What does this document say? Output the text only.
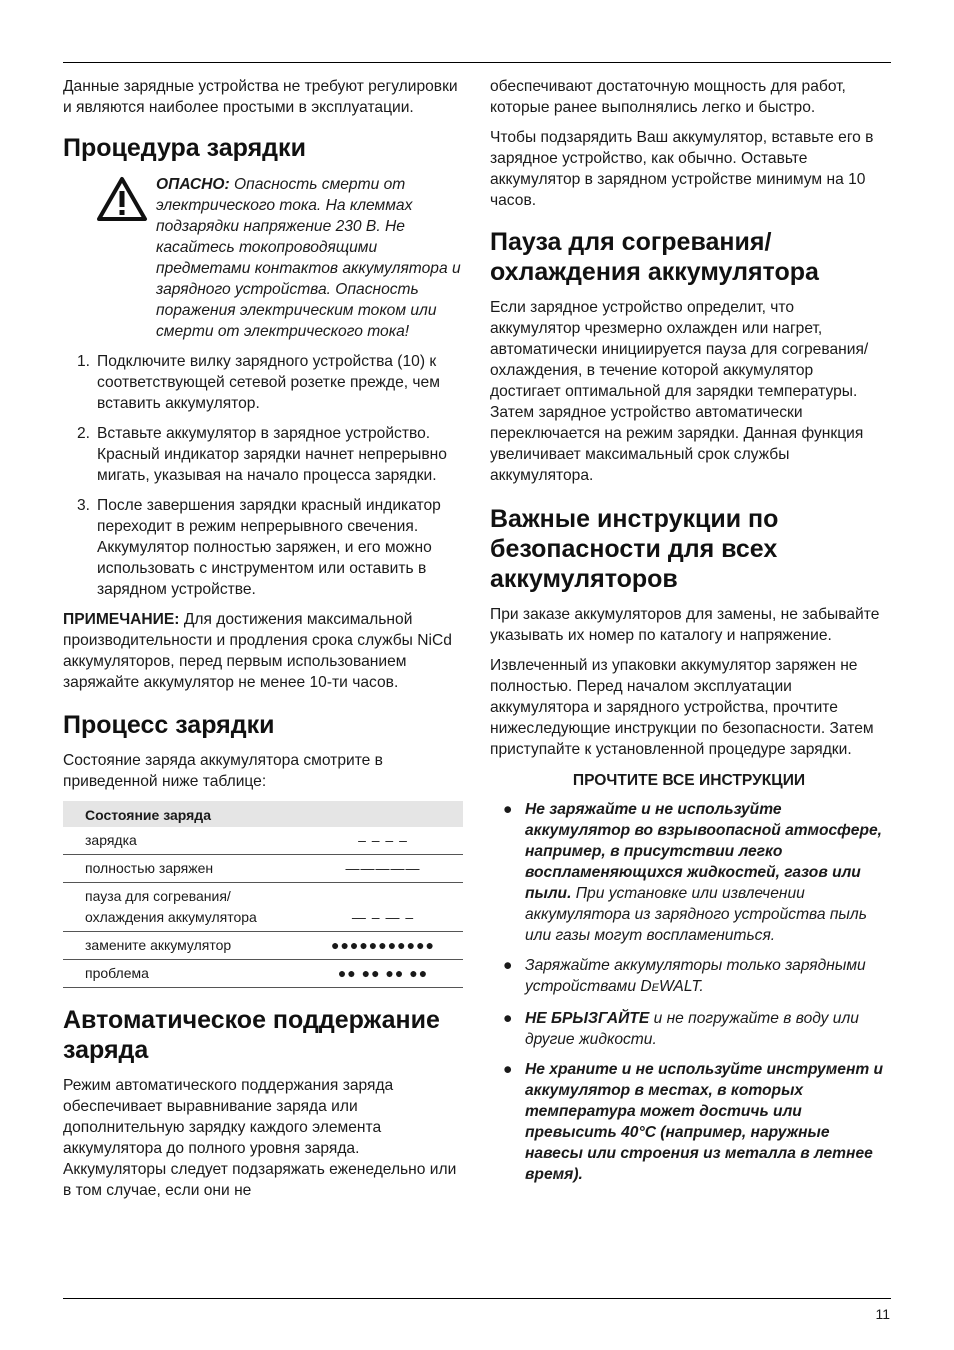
Данные зарядные устройства не требуют регулировки и являются наиболее простыми в эксплуатации.

Процедура зарядки

ОПАСНО: Опасность смерти от электрического тока. На клеммах подзарядки напряжение 230 В. Не касайтесь токопроводящими предметами контактов аккумулятора и зарядного устройства. Опасность поражения электрическим током или смерти от электрического тока!

1. Подключите вилку зарядного устройства (10) к соответствующей сетевой розетке прежде, чем вставить аккумулятор.
2. Вставьте аккумулятор в зарядное устройство. Красный индикатор зарядки начнет непрерывно мигать, указывая на начало процесса зарядки.
3. После завершения зарядки красный индикатор переходит в режим непрерывного свечения. Аккумулятор полностью заряжен, и его можно использовать с инструментом или оставить в зарядном устройстве.

ПРИМЕЧАНИЕ: Для достижения максимальной производительности и продления срока службы NiCd аккумуляторов, перед первым использованием заряжайте аккумулятор не менее 10-ти часов.

Процесс зарядки

Состояние заряда аккумулятора смотрите в приведенной ниже таблице:

Состояние заряда	
зарядка	– – – –
полностью заряжен	—————
пауза для согревания/
охлаждения аккумулятора	— – — –
замените аккумулятор	●●●●●●●●●●●
проблема	●● ●● ●● ●●
Автоматическое поддержание заряда

Режим автоматического поддержания заряда обеспечивает выравнивание заряда или дополнительную зарядку каждого элемента аккумулятора до полного уровня заряда. Аккумуляторы следует подзаряжать еженедельно или в том случае, если они не

обеспечивают достаточную мощность для работ, которые ранее выполнялись легко и быстро.

Чтобы подзарядить Ваш аккумулятор, вставьте его в зарядное устройство, как обычно. Оставьте аккумулятор в зарядном устройстве минимум на 10 часов.

Пауза для согревания/ охлаждения аккумулятора

Если зарядное устройство определит, что аккумулятор чрезмерно охлажден или нагрет, автоматически инициируется пауза для согревания/охлаждения, в течение которой аккумулятор достигает оптимальной для зарядки температуры. Затем зарядное устройство автоматически переключается на режим зарядки. Данная функция увеличивает максимальный срок службы аккумулятора.

Важные инструкции по безопасности для всех аккумуляторов

При заказе аккумуляторов для замены, не забывайте указывать их номер по каталогу и напряжение.

Извлеченный из упаковки аккумулятор заряжен не полностью. Перед началом эксплуатации аккумулятора и зарядного устройства, прочтите нижеследующие инструкции по безопасности. Затем приступайте к установленной процедуре зарядки.

ПРОЧТИТЕ ВСЕ ИНСТРУКЦИИ
● Не заряжайте и не используйте аккумулятор во взрывоопасной атмосфере, например, в присутствии легко воспламеняющихся жидкостей, газов или пыли. При установке или извлечении аккумулятора из зарядного устройства пыль или газы могут воспламениться.
● Заряжайте аккумуляторы только зарядными устройствами DEWALT.
● НЕ БРЫЗГАЙТЕ и не погружайте в воду или другие жидкости.
● Не храните и не используйте инструмент и аккумулятор в местах, в которых температура может достичь или превысить 40°C (например, наружные навесы или строения из металла в летнее время).
11
